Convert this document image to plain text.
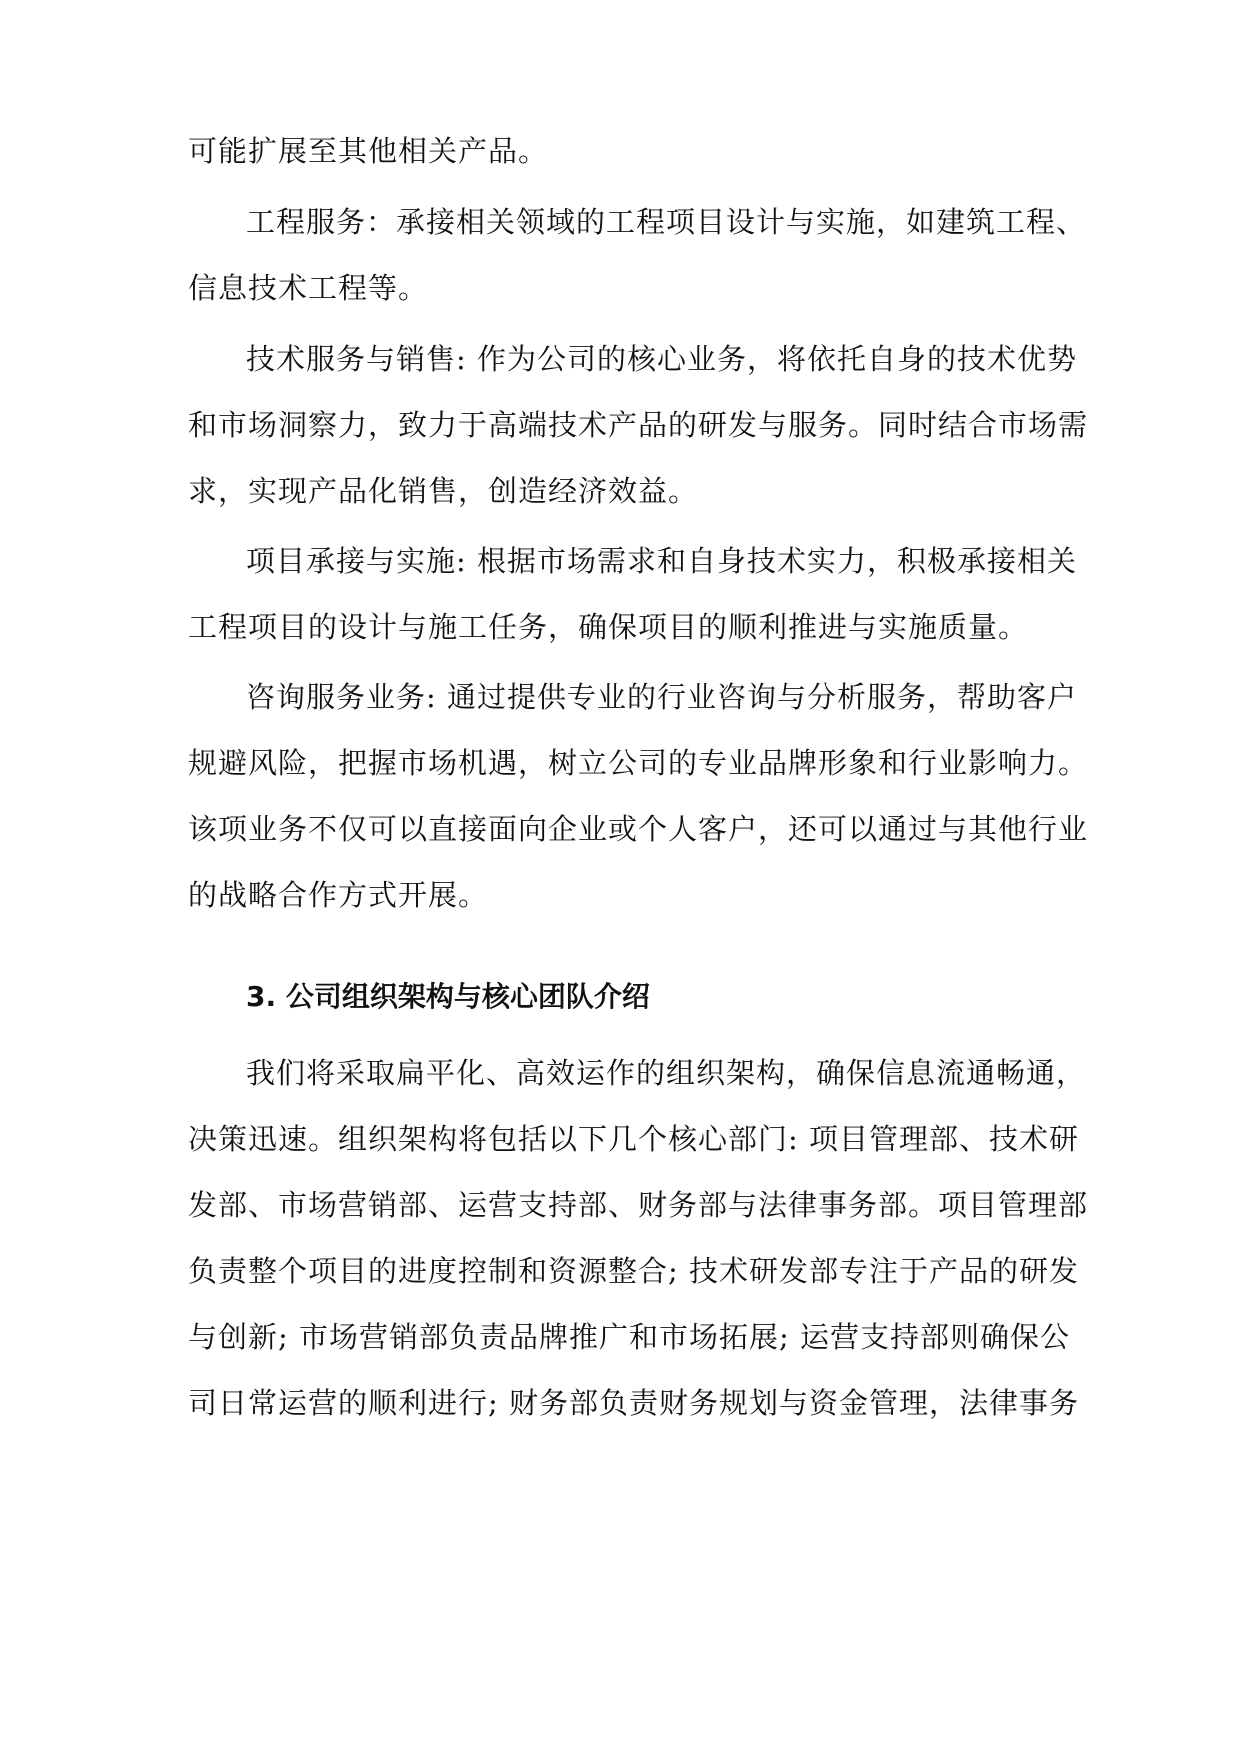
可能扩展至其他相关产品。
工程服务：承接相关领域的工程项目设计与实施，如建筑工程、
信息技术工程等。
技术服务与销售: 作为公司的核心业务，将依托自身的技术优势
和市场洞察力，致力于高端技术产品的研发与服务。同时结合市场需
求，实现产品化销售，创造经济效益。
项目承接与实施: 根据市场需求和自身技术实力，积极承接相关
工程项目的设计与施工任务，确保项目的顺利推进与实施质量。
咨询服务业务: 通过提供专业的行业咨询与分析服务，帮助客户
规避风险，把握市场机遇，树立公司的专业品牌形象和行业影响力。
该项业务不仅可以直接面向企业或个人客户，还可以通过与其他行业
的战略合作方式开展。
我们将采取扁平化、高效运作的组织架构，确保信息流通畅通，
决策迅速。组织架构将包括以下几个核心部门: 项目管理部、技术研
发部、市场营销部、运营支持部、财务部与法律事务部。项目管理部
负责整个项目的进度控制和资源整合; 技术研发部专注于产品的研发
与创新; 市场营销部负责品牌推广和市场拓展; 运营支持部则确保公
司日常运营的顺利进行; 财务部负责财务规划与资金管理，法律事务
3. 公司组织架构与核心团队介绍
